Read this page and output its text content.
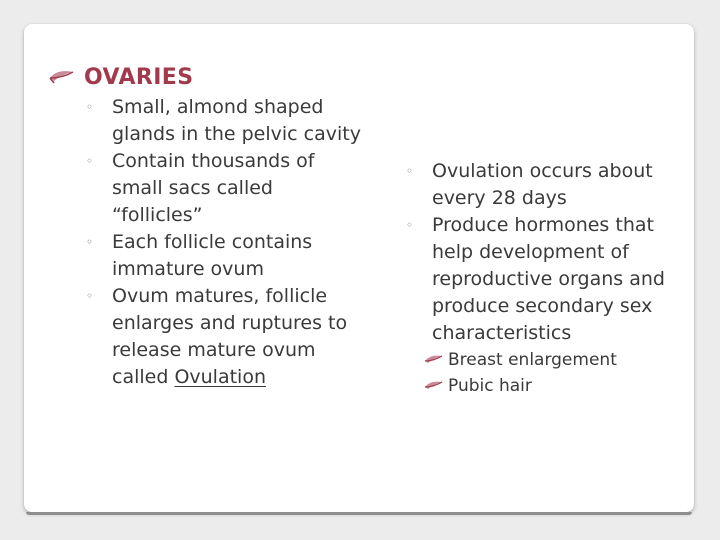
OVARIES
◦ Small, almond shaped glands in the pelvic cavity
◦ Contain thousands of small sacs called “follicles”
◦ Each follicle contains immature ovum
◦ Ovum matures, follicle enlarges and ruptures to release mature ovum called Ovulation
◦ Ovulation occurs about every 28 days
◦ Produce hormones that help development of reproductive organs and produce secondary sex characteristics
Breast enlargement
Pubic hair
